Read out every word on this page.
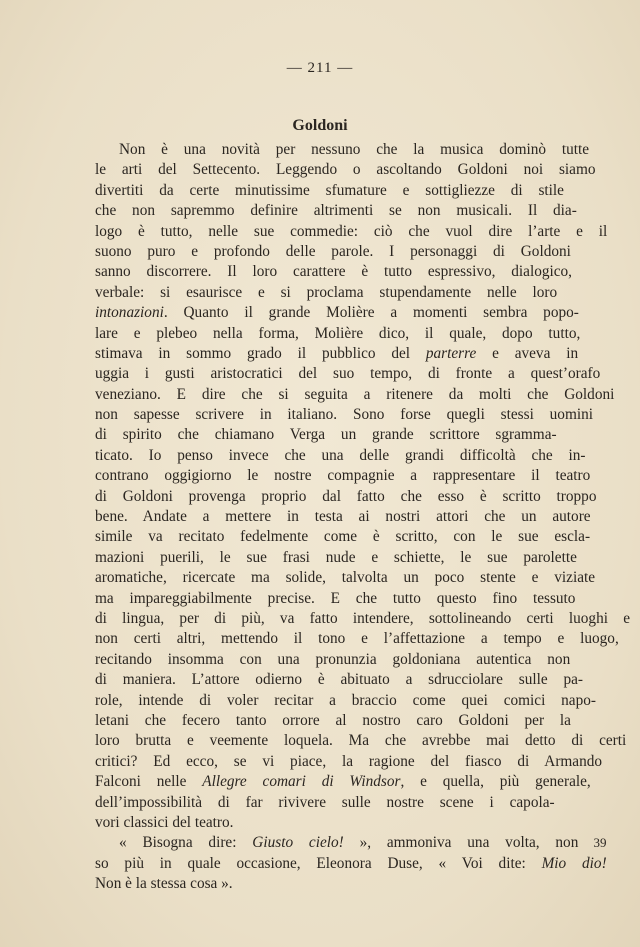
— 211 —
Goldoni
Non è una novità per nessuno che la musica dominò tutte
le arti del Settecento. Leggendo o ascoltando Goldoni noi siamo
divertiti da certe minutissime sfumature e sottigliezze di stile
che non sapremmo definire altrimenti se non musicali. Il dia-
logo è tutto, nelle sue commedie: ciò che vuol dire l’arte e il
suono puro e profondo delle parole. I personaggi di Goldoni
sanno discorrere. Il loro carattere è tutto espressivo, dialogico,
verbale: si esaurisce e si proclama stupendamente nelle loro
intonazioni. Quanto il grande Molière a momenti sembra popo-
lare e plebeo nella forma, Molière dico, il quale, dopo tutto,
stimava in sommo grado il pubblico del parterre e aveva in
uggia i gusti aristocratici del suo tempo, di fronte a quest’orafo
veneziano. E dire che si seguita a ritenere da molti che Goldoni
non sapesse scrivere in italiano. Sono forse quegli stessi uomini
di spirito che chiamano Verga un grande scrittore sgramma-
ticato. Io penso invece che una delle grandi difficoltà che in-
contrano oggigiorno le nostre compagnie a rappresentare il teatro
di Goldoni provenga proprio dal fatto che esso è scritto troppo
bene. Andate a mettere in testa ai nostri attori che un autore
simile va recitato fedelmente come è scritto, con le sue escla-
mazioni puerili, le sue frasi nude e schiette, le sue parolette
aromatiche, ricercate ma solide, talvolta un poco stente e viziate
ma impareggiabilmente precise. E che tutto questo fino tessuto
di lingua, per di più, va fatto intendere, sottolineando certi luoghi e
non certi altri, mettendo il tono e l’affettazione a tempo e luogo,
recitando insomma con una pronunzia goldoniana autentica non
di maniera. L’attore odierno è abituato a sdrucciolare sulle pa-
role, intende di voler recitar a braccio come quei comici napo-
letani che fecero tanto orrore al nostro caro Goldoni per la
loro brutta e veemente loquela. Ma che avrebbe mai detto di certi
critici? Ed ecco, se vi piace, la ragione del fiasco di Armando
Falconi nelle Allegre comari di Windsor, e quella, più generale,
dell’impossibilità di far rivivere sulle nostre scene i capola-
vori classici del teatro.
« Bisogna dire: Giusto cielo! », ammoniva una volta, non
so più in quale occasione, Eleonora Duse, « Voi dite: Mio dio!
Non è la stessa cosa ».
39
